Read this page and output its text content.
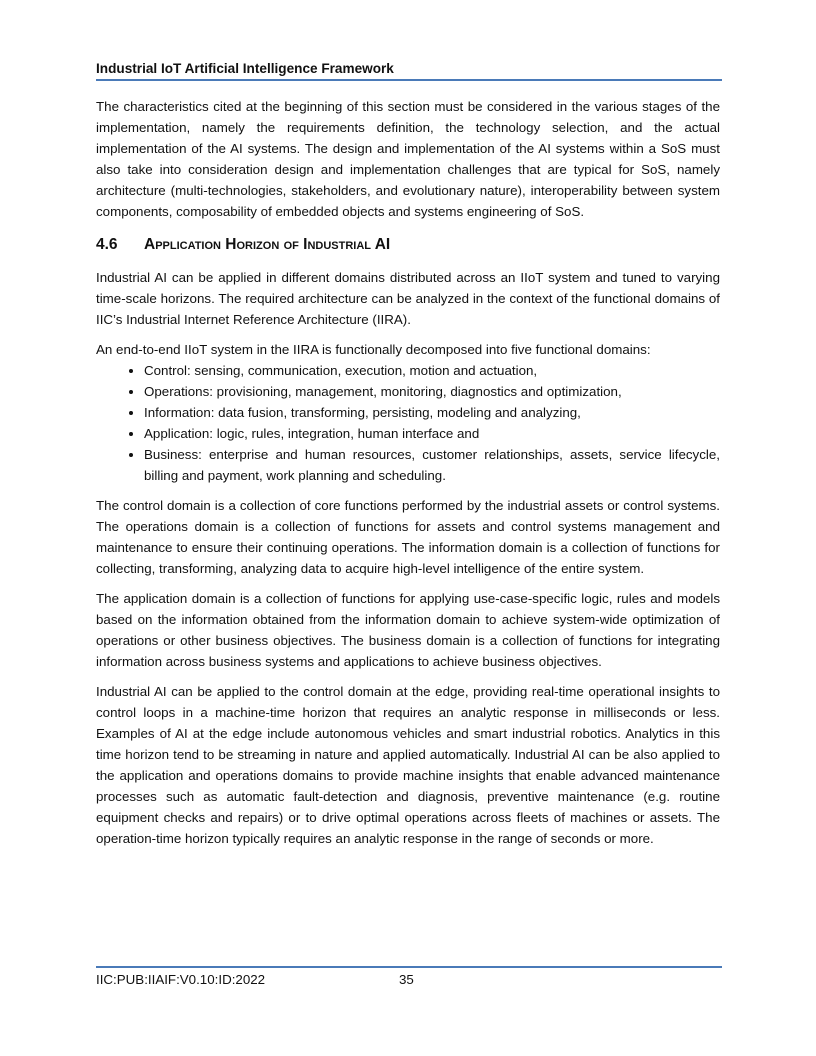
Industrial IoT Artificial Intelligence Framework

The characteristics cited at the beginning of this section must be considered in the various stages of the implementation, namely the requirements definition, the technology selection, and the actual implementation of the AI systems. The design and implementation of the AI systems within a SoS must also take into consideration design and implementation challenges that are typical for SoS, namely architecture (multi-technologies, stakeholders, and evolutionary nature), interoperability between system components, composability of embedded objects and systems engineering of SoS.

4.6	Application Horizon of Industrial AI

Industrial AI can be applied in different domains distributed across an IIoT system and tuned to varying time-scale horizons. The required architecture can be analyzed in the context of the functional domains of IIC’s Industrial Internet Reference Architecture (IIRA).

An end-to-end IIoT system in the IIRA is functionally decomposed into five functional domains:

• Control: sensing, communication, execution, motion and actuation,
• Operations: provisioning, management, monitoring, diagnostics and optimization,
• Information: data fusion, transforming, persisting, modeling and analyzing,
• Application: logic, rules, integration, human interface and
• Business: enterprise and human resources, customer relationships, assets, service lifecycle, billing and payment, work planning and scheduling.

The control domain is a collection of core functions performed by the industrial assets or control systems. The operations domain is a collection of functions for assets and control systems management and maintenance to ensure their continuing operations. The information domain is a collection of functions for collecting, transforming, analyzing data to acquire high-level intelligence of the entire system.

The application domain is a collection of functions for applying use-case-specific logic, rules and models based on the information obtained from the information domain to achieve system-wide optimization of operations or other business objectives. The business domain is a collection of functions for integrating information across business systems and applications to achieve business objectives.

Industrial AI can be applied to the control domain at the edge, providing real-time operational insights to control loops in a machine-time horizon that requires an analytic response in milliseconds or less. Examples of AI at the edge include autonomous vehicles and smart industrial robotics. Analytics in this time horizon tend to be streaming in nature and applied automatically. Industrial AI can be also applied to the application and operations domains to provide machine insights that enable advanced maintenance processes such as automatic fault-detection and diagnosis, preventive maintenance (e.g. routine equipment checks and repairs) or to drive optimal operations across fleets of machines or assets. The operation-time horizon typically requires an analytic response in the range of seconds or more.

IIC:PUB:IIAIF:V0.10:ID:2022	35
